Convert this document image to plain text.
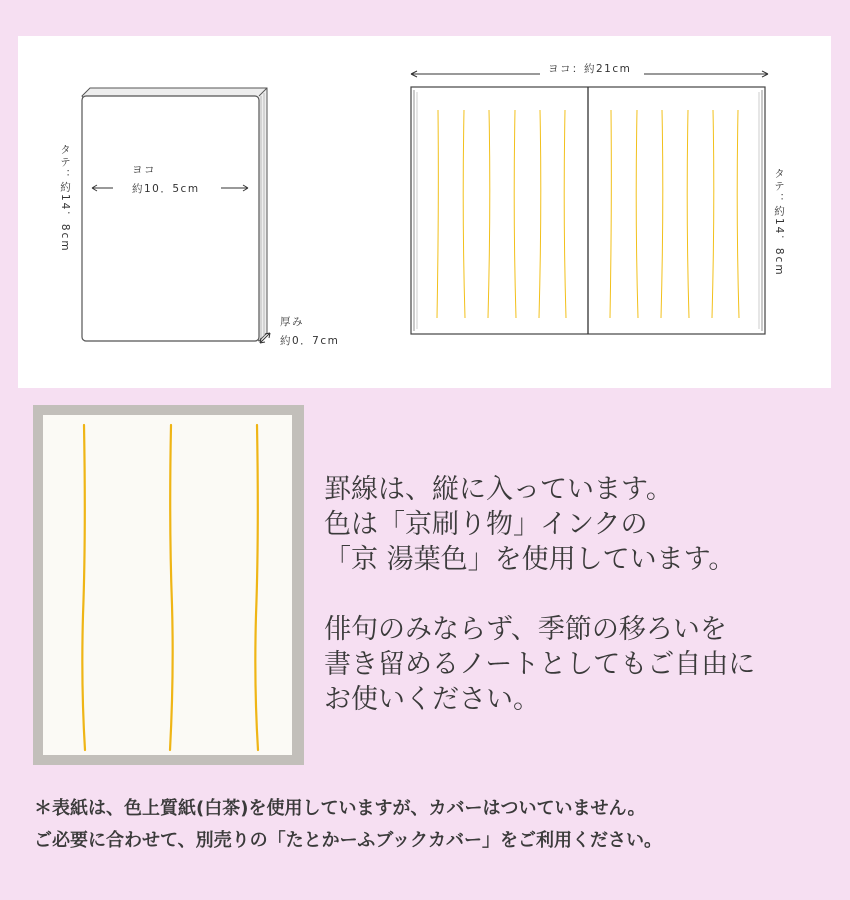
ヨコ
約10．5cm
タテ：約14．8cm
厚み
約0．7cm
ヨコ：約21cm
タテ：約14．8cm
罫線は、縦に入っています。
色は「京刷り物」インクの
「京 湯葉色」を使用しています。
俳句のみならず、季節の移ろいを
書き留めるノートとしてもご自由に
お使いください。
＊表紙は、色上質紙(白茶)を使用していますが、カバーはついていません。
ご必要に合わせて、別売りの「たとかーふブックカバー」をご利用ください。
